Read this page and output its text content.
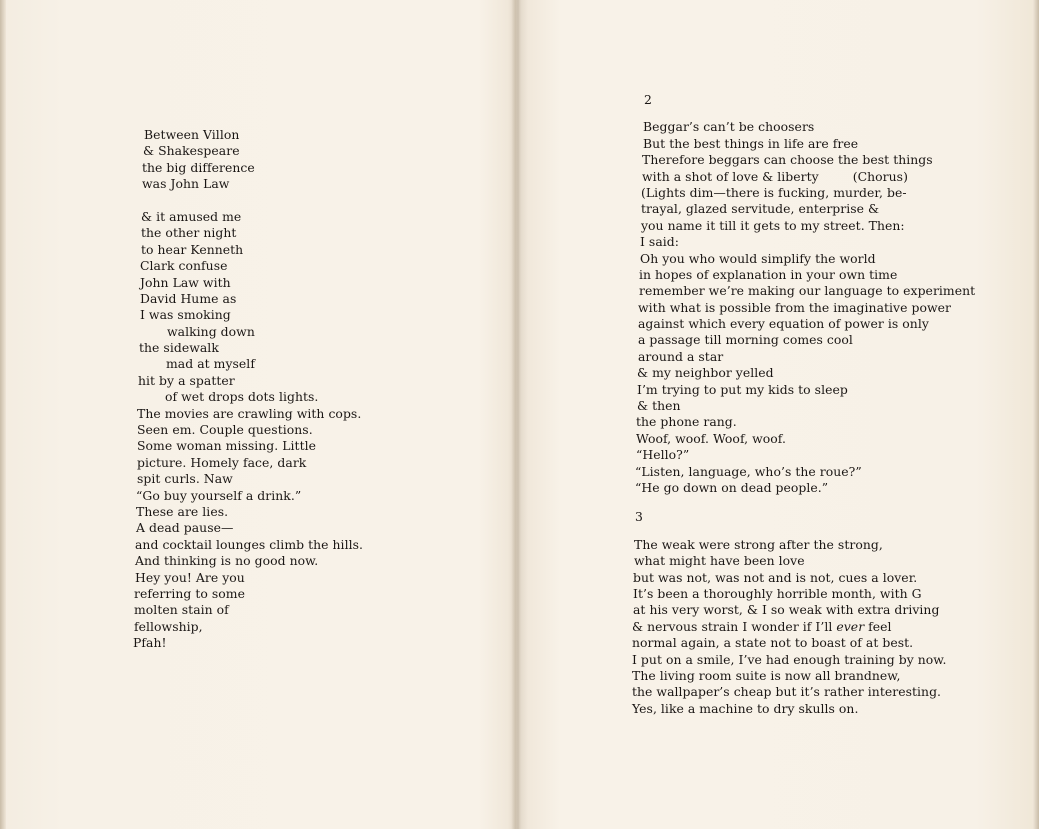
Between Villon
& Shakespeare
the big difference
was John Law
& it amused me
the other night
to hear Kenneth
Clark confuse
John Law with
David Hume as
I was smoking
walking down
the sidewalk
mad at myself
hit by a spatter
of wet drops dots lights.
The movies are crawling with cops.
Seen em. Couple questions.
Some woman missing. Little
picture. Homely face, dark
spit curls. Naw
“Go buy yourself a drink.”
These are lies.
A dead pause—
and cocktail lounges climb the hills.
And thinking is no good now.
Hey you! Are you
referring to some
molten stain of
fellowship,
Pfah!
2
Beggar’s can’t be choosers
But the best things in life are free
Therefore beggars can choose the best things
with a shot of love & liberty	(Chorus)
(Lights dim—there is fucking, murder, be-
trayal, glazed servitude, enterprise &
you name it till it gets to my street. Then:
I said:
Oh you who would simplify the world
in hopes of explanation in your own time
remember we’re making our language to experiment
with what is possible from the imaginative power
against which every equation of power is only
a passage till morning comes cool
around a star
& my neighbor yelled
I’m trying to put my kids to sleep
& then
the phone rang.
Woof, woof. Woof, woof.
“Hello?”
“Listen, language, who’s the roue?”
“He go down on dead people.”
3
The weak were strong after the strong,
what might have been love
but was not, was not and is not, cues a lover.
It’s been a thoroughly horrible month, with G
at his very worst, & I so weak with extra driving
& nervous strain I wonder if I’ll ever feel
normal again, a state not to boast of at best.
I put on a smile, I’ve had enough training by now.
The living room suite is now all brandnew,
the wallpaper’s cheap but it’s rather interesting.
Yes, like a machine to dry skulls on.
